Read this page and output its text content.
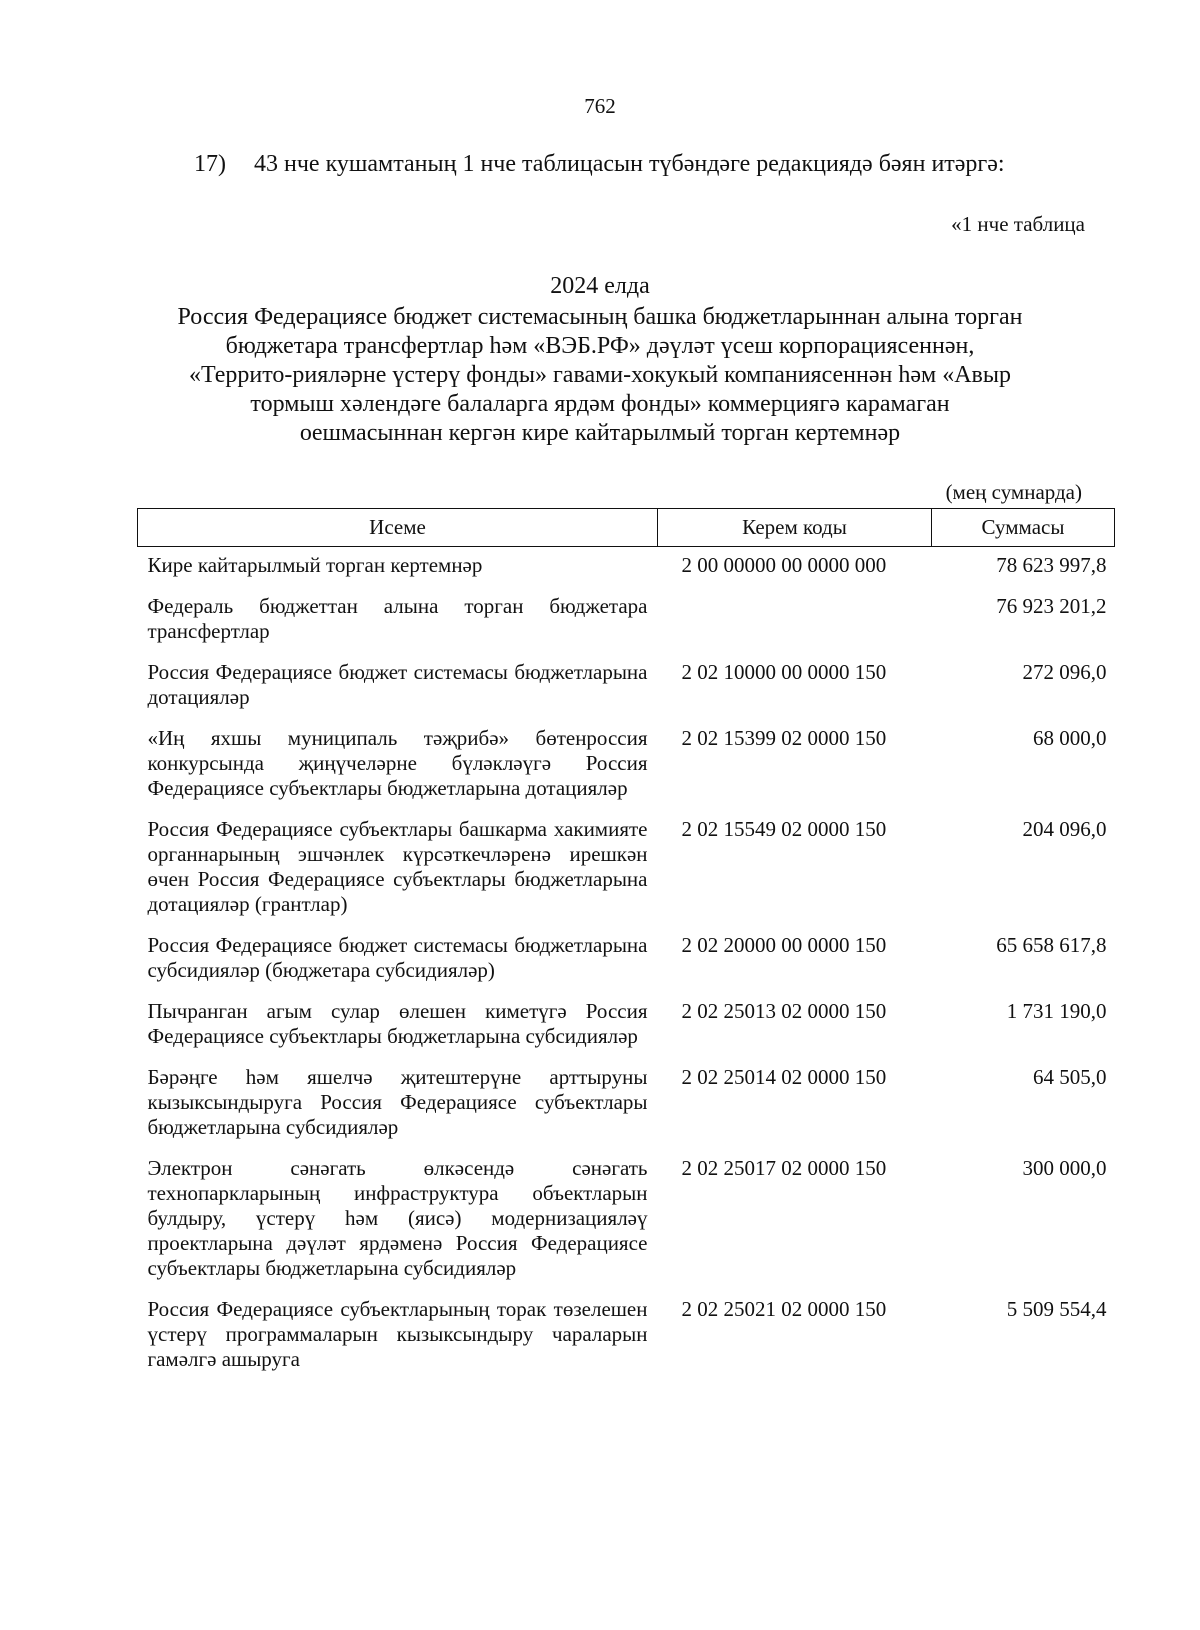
762
17) 43 нче кушамтаның 1 нче таблицасын түбәндәге редакциядә бәян итәргә:
«1 нче таблица
2024 елда
Россия Федерациясе бюджет системасының башка бюджетларыннан алына торган
бюджетара трансфертлар һәм «ВЭБ.РФ» дәүләт үсеш корпорациясеннән,
«Террито-рияләрне үстерү фонды» гавами-хокукый компаниясеннән һәм «Авыр
тормыш хәлендәге балаларга ярдәм фонды» коммерциягә карамаган
oешмасыннан кергән кире кайтарылмый торган кертемнәр
(мең сумнарда)
Исеме	Керем коды	Суммасы
Кире кайтарылмый торган кертемнәр	2 00 00000 00 0000 000	78 623 997,8
Федераль бюджеттан алына торган бюджетара трансфертлар		76 923 201,2
Россия Федерациясе бюджет системасы бюджетларына дотацияләр	2 02 10000 00 0000 150	272 096,0
«Иң яхшы муниципаль тәҗрибә» бөтенроссия конкурсында җиңүчеләрне бүләкләүгә Россия Федерациясе субъектлары бюджетларына дотацияләр	2 02 15399 02 0000 150	68 000,0
Россия Федерациясе субъектлары башкарма хакимияте органнарының эшчәнлек күрсәткечләренә ирешкән өчен Россия Федерациясе субъектлары бюджетларына дотацияләр (грантлар)	2 02 15549 02 0000 150	204 096,0
Россия Федерациясе бюджет системасы бюджетларына субсидияләр (бюджетара субсидияләр)	2 02 20000 00 0000 150	65 658 617,8
Пычранган агым сулар өлешен киметүгә Россия Федерациясе субъектлары бюджетларына субсидияләр	2 02 25013 02 0000 150	1 731 190,0
Бәрәңге һәм яшелчә җитештерүне арттыруны кызыксындыруга Россия Федерациясе субъектлары бюджетларына субсидияләр	2 02 25014 02 0000 150	64 505,0
Электрон сәнәгать өлкәсендә сәнәгать технопаркларының инфраструктура объектларын булдыру, үстерү һәм (яисә) модернизацияләү проектларына дәүләт ярдәменә Россия Федерациясе субъектлары бюджетларына субсидияләр	2 02 25017 02 0000 150	300 000,0
Россия Федерациясе субъектларының торак төзелешен үстерү программаларын кызыксындыру чараларын гамәлгә ашыруга	2 02 25021 02 0000 150	5 509 554,4
